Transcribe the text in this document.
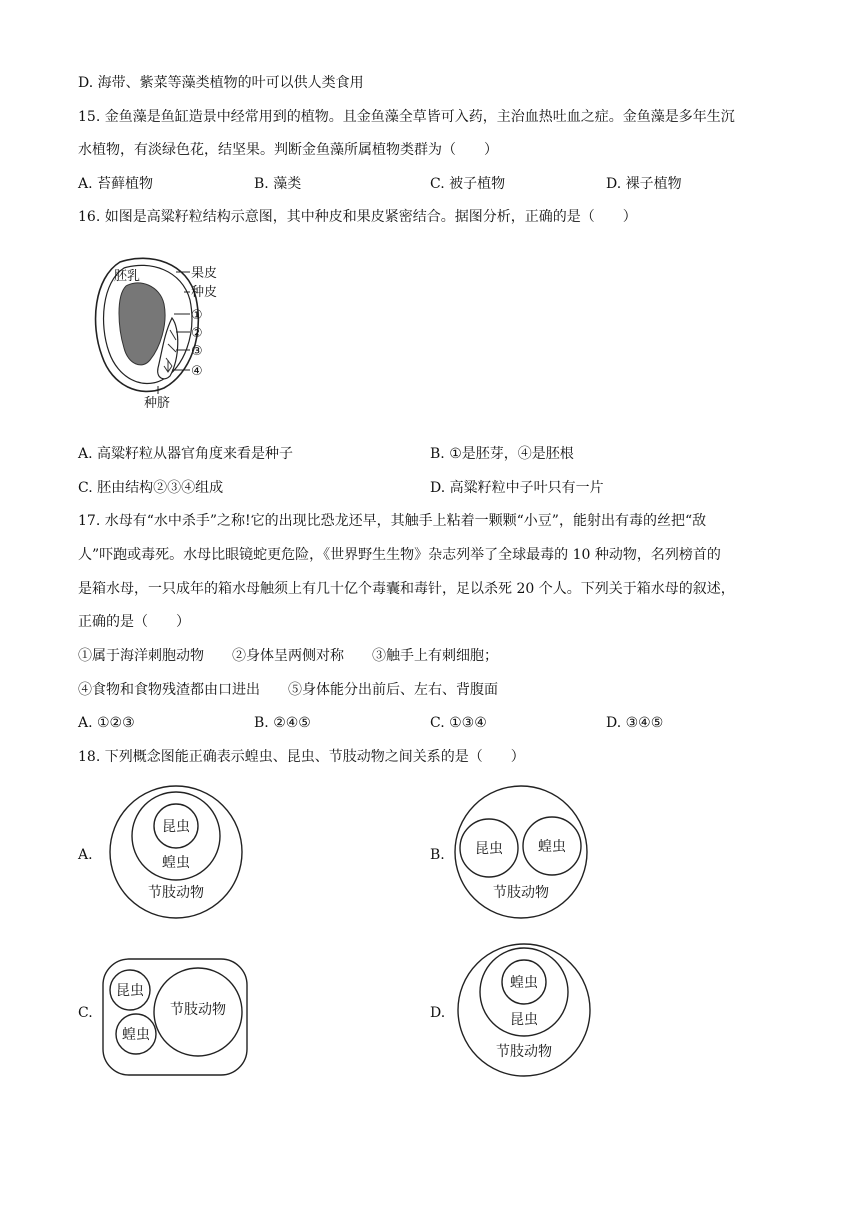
D. 海带、紫菜等藻类植物的叶可以供人类食用
15. 金鱼藻是鱼缸造景中经常用到的植物。且金鱼藻全草皆可入药，主治血热吐血之症。金鱼藻是多年生沉
水植物，有淡绿色花，结坚果。判断金鱼藻所属植物类群为（　　）
A. 苔藓植物	B. 藻类	C. 被子植物	D. 裸子植物
16. 如图是高粱籽粒结构示意图，其中种皮和果皮紧密结合。据图分析，正确的是（　　）
胚乳	果皮
种皮
①
②
③
④
种脐
A. 高粱籽粒从器官角度来看是种子	B. ①是胚芽，④是胚根
C. 胚由结构②③④组成	D. 高粱籽粒中子叶只有一片
17. 水母有“水中杀手”之称!它的出现比恐龙还早，其触手上粘着一颗颗“小豆”，能射出有毒的丝把“敌
人”吓跑或毒死。水母比眼镜蛇更危险，《世界野生生物》杂志列举了全球最毒的 10 种动物，名列榜首的
是箱水母，一只成年的箱水母触须上有几十亿个毒囊和毒针，足以杀死 20 个人。下列关于箱水母的叙述，
正确的是（　　）
①属于海洋刺胞动物　　②身体呈两侧对称　　③触手上有刺细胞；
④食物和食物残渣都由口进出　　⑤身体能分出前后、左右、背腹面
A. ①②③	B. ②④⑤	C. ①③④	D. ③④⑤
18. 下列概念图能正确表示蝗虫、昆虫、节肢动物之间关系的是（　　）
A.
昆虫
蝗虫
节肢动物
B. 昆虫	蝗虫
节肢动物
C.
昆虫
蝗虫
节肢动物	D.
蝗虫
昆虫
节肢动物
